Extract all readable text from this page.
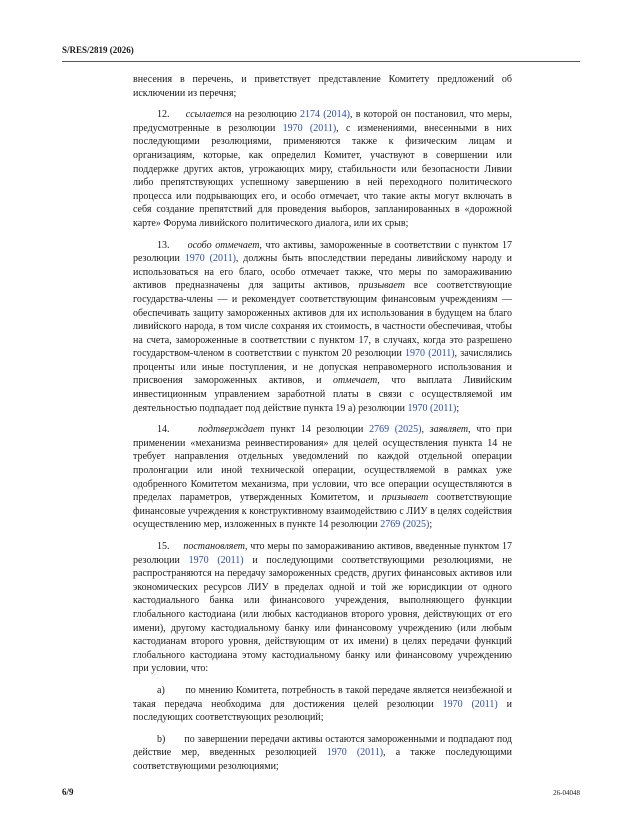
S/RES/2819 (2026)

внесения в перечень, и приветствует представление Комитету предложений об исключении из перечня;

12. ссылается на резолюцию 2174 (2014), в которой он постановил, что меры, предусмотренные в резолюции 1970 (2011), с изменениями, внесенными в них последующими резолюциями, применяются также к физическим лицам и организациям, которые, как определил Комитет, участвуют в совершении или поддержке других актов, угрожающих миру, стабильности или безопасности Ливии либо препятствующих успешному завершению в ней переходного политического процесса или подрывающих его, и особо отмечает, что такие акты могут включать в себя создание препятствий для проведения выборов, запланированных в «дорожной карте» Форума ливийского политического диалога, или их срыв;

13. особо отмечает, что активы, замороженные в соответствии с пунктом 17 резолюции 1970 (2011), должны быть впоследствии переданы ливийскому народу и использоваться на его благо, особо отмечает также, что меры по замораживанию активов предназначены для защиты активов, призывает все соответствующие государства-члены — и рекомендует соответствующим финансовым учреждениям — обеспечивать защиту замороженных активов для их использования в будущем на благо ливийского народа, в том числе сохраняя их стоимость, в частности обеспечивая, чтобы на счета, замороженные в соответствии с пунктом 17, в случаях, когда это разрешено государством-членом в соответствии с пунктом 20 резолюции 1970 (2011), зачислялись проценты или иные поступления, и не допуская неправомерного использования и присвоения замороженных активов, и отмечает, что выплата Ливийским инвестиционным управлением заработной платы в связи с осуществляемой им деятельностью подпадает под действие пункта 19 a) резолюции 1970 (2011);

14.	подтверждает пункт 14 резолюции 2769 (2025), заявляет, что при применении «механизма реинвестирования» для целей осуществления пункта 14 не требует направления отдельных уведомлений по каждой отдельной операции пролонгации или иной технической операции, осуществляемой в рамках уже одобренного Комитетом механизма, при условии, что все операции осуществляются в пределах параметров, утвержденных Комитетом, и призывает соответствующие финансовые учреждения к конструктивному взаимодействию с ЛИУ в целях содействия осуществлению мер, изложенных в пункте 14 резолюции 2769 (2025);

15. постановляет, что меры по замораживанию активов, введенные пунктом 17 резолюции 1970 (2011) и последующими соответствующими резолюциями, не распространяются на передачу замороженных средств, других финансовых активов или экономических ресурсов ЛИУ в пределах одной и той же юрисдикции от одного кастодиального банка или финансового учреждения, выполняющего функции глобального кастодиана (или любых кастодианов второго уровня, действующих от его имени), другому кастодиальному банку или финансовому учреждению (или любым кастодианам второго уровня, действующим от их имени) в целях передачи функций глобального кастодиана этому кастодиальному банку или финансовому учреждению при условии, что:

a) по мнению Комитета, потребность в такой передаче является неизбежной и такая передача необходима для достижения целей резолюции 1970 (2011) и последующих соответствующих резолюций;

b) по завершении передачи активы остаются замороженными и подпадают под действие мер, введенных резолюцией 1970 (2011), а также последующими соответствующими резолюциями;

6/9	26-04048
